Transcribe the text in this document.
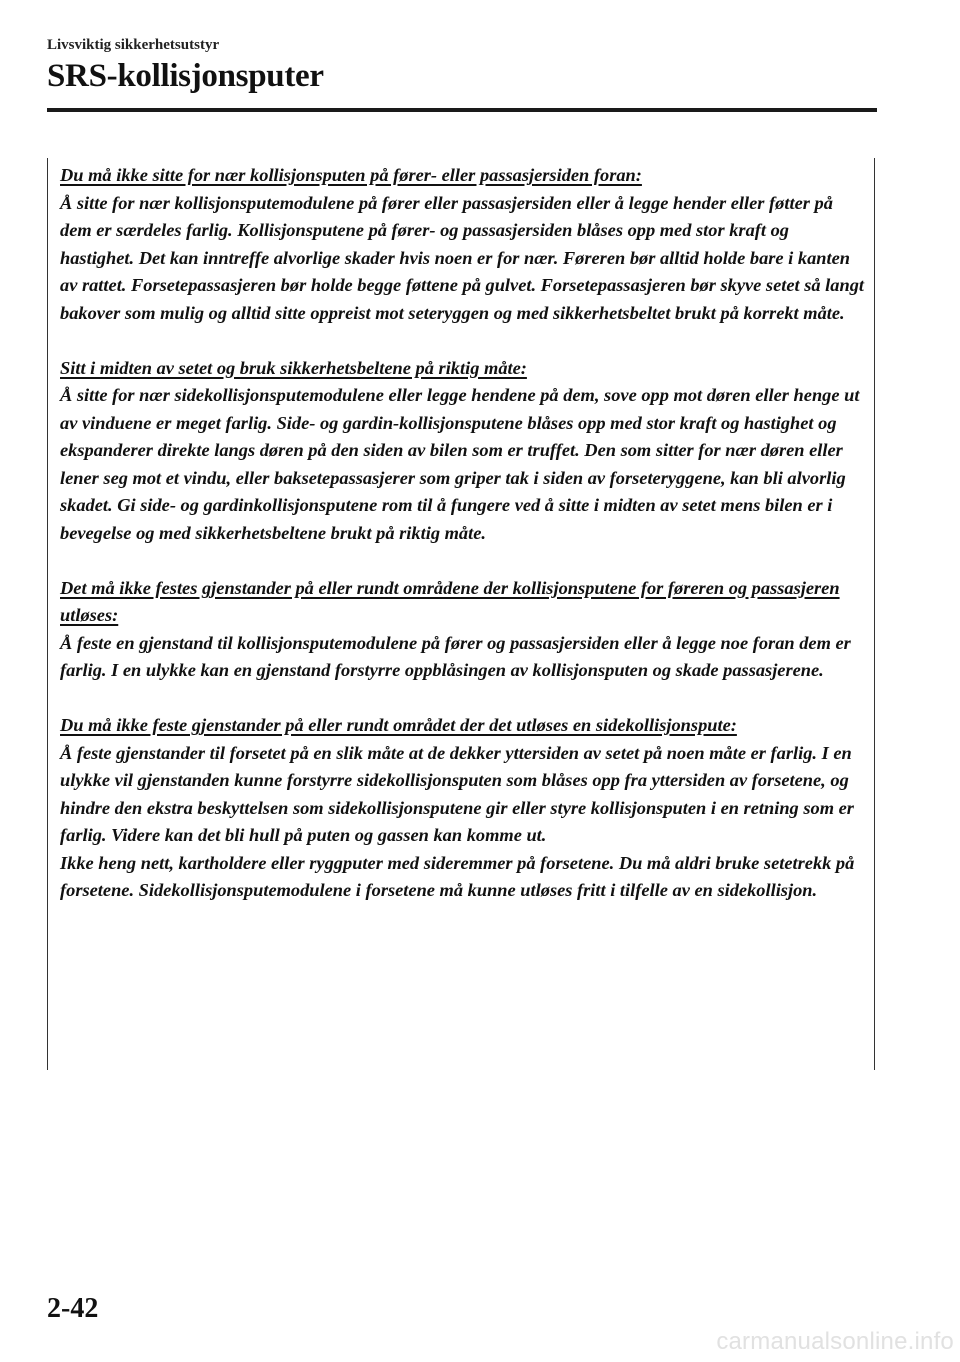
Livsviktig sikkerhetsutstyr
SRS-kollisjonsputer
Du må ikke sitte for nær kollisjonsputen på fører- eller passasjersiden foran:
Å sitte for nær kollisjonsputemodulene på fører eller passasjersiden eller å legge hender eller føtter på dem er særdeles farlig. Kollisjonsputene på fører- og passasjersiden blåses opp med stor kraft og hastighet. Det kan inntreffe alvorlige skader hvis noen er for nær. Føreren bør alltid holde bare i kanten av rattet. Forsetepassasjeren bør holde begge føttene på gulvet. Forsetepassasjeren bør skyve setet så langt bakover som mulig og alltid sitte oppreist mot seteryggen og med sikkerhetsbeltet brukt på korrekt måte.
Sitt i midten av setet og bruk sikkerhetsbeltene på riktig måte:
Å sitte for nær sidekollisjonsputemodulene eller legge hendene på dem, sove opp mot døren eller henge ut av vinduene er meget farlig. Side- og gardin-kollisjonsputene blåses opp med stor kraft og hastighet og ekspanderer direkte langs døren på den siden av bilen som er truffet. Den som sitter for nær døren eller lener seg mot et vindu, eller baksetepassasjerer som griper tak i siden av forseteryggene, kan bli alvorlig skadet. Gi side- og gardinkollisjonsputene rom til å fungere ved å sitte i midten av setet mens bilen er i bevegelse og med sikkerhetsbeltene brukt på riktig måte.
Det må ikke festes gjenstander på eller rundt områdene der kollisjonsputene for føreren og passasjeren utløses:
Å feste en gjenstand til kollisjonsputemodulene på fører og passasjersiden eller å legge noe foran dem er farlig. I en ulykke kan en gjenstand forstyrre oppblåsingen av kollisjonsputen og skade passasjerene.
Du må ikke feste gjenstander på eller rundt området der det utløses en sidekollisjonspute:
Å feste gjenstander til forsetet på en slik måte at de dekker yttersiden av setet på noen måte er farlig. I en ulykke vil gjenstanden kunne forstyrre sidekollisjonsputen som blåses opp fra yttersiden av forsetene, og hindre den ekstra beskyttelsen som sidekollisjonsputene gir eller styre kollisjonsputen i en retning som er farlig. Videre kan det bli hull på puten og gassen kan komme ut.
Ikke heng nett, kartholdere eller ryggputer med sideremmer på forsetene. Du må aldri bruke setetrekk på forsetene. Sidekollisjonsputemodulene i forsetene må kunne utløses fritt i tilfelle av en sidekollisjon.
2-42
carmanualsonline.info
